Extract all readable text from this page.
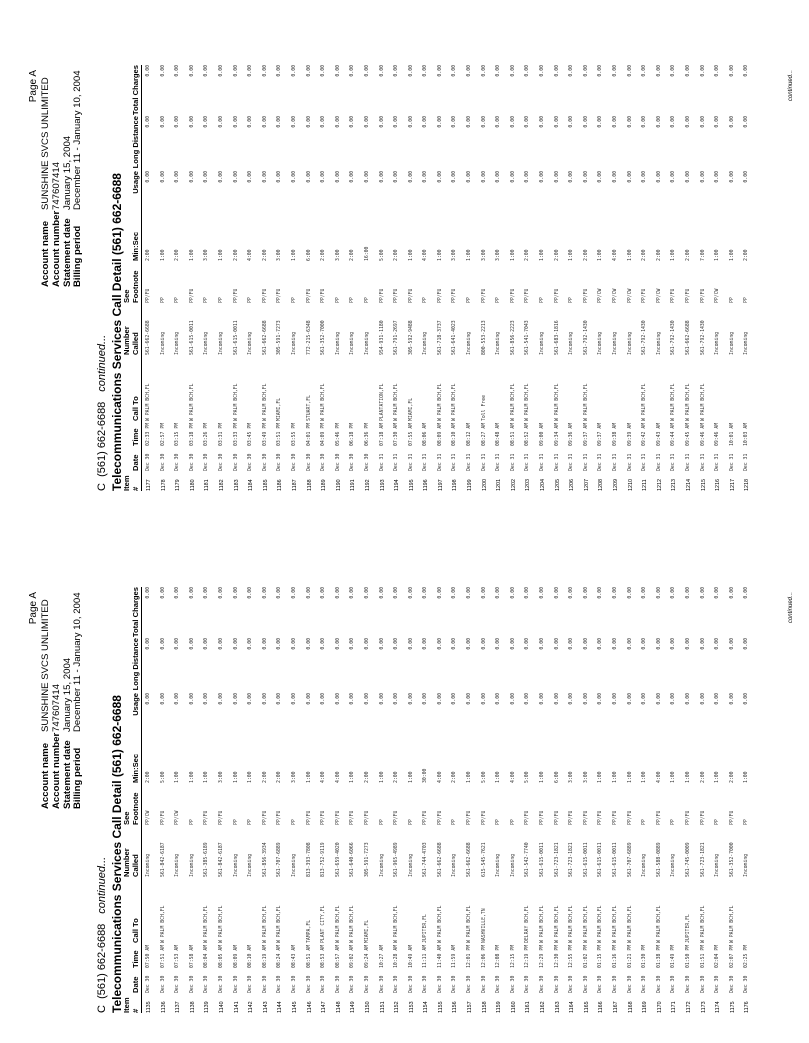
Page A
Account name
SUNSHINE SVCS UNLIMITED
Account number
747607414
Statement date
January 15, 2004
Billing period
December 11 - January 10, 2004
C  (561) 662-6688continued... Telecommunications Services Call Detail (561) 662-6688
Item #	Date	Time	Call To	Number Called	See Footnote	Min:Sec	Usage	Long Distance	Total Charges
1135	Dec 30	07:50 AM		Incoming	PP/CW	2:00	0.00	0.00	0.00
1136	Dec 30	07:51 AM	W PALM BCH,FL	561-842-6187	PP/FU	5:00	0.00	0.00	0.00
1137	Dec 30	07:53 AM		Incoming	PP/CW	1:00	0.00	0.00	0.00
1138	Dec 30	07:58 AM		Incoming	PP	1:00	0.00	0.00	0.00
1139	Dec 30	08:04 AM	W PALM BCH,FL	561-385-6189	PP/FU	1:00	0.00	0.00	0.00
1140	Dec 30	08:05 AM	W PALM BCH,FL	561-842-6187	PP/FU	3:00	0.00	0.00	0.00
1141	Dec 30	08:09 AM		Incoming	PP	1:00	0.00	0.00	0.00
1142	Dec 30	08:10 AM		Incoming	PP	1:00	0.00	0.00	0.00
1143	Dec 30	08:19 AM	W PALM BCH,FL	561-856-3934	PP/FU	2:00	0.00	0.00	0.00
1144	Dec 30	08:24 AM	W PALM BCH,FL	561-707-6889	PP/FU	2:00	0.00	0.00	0.00
1145	Dec 30	08:43 AM		Incoming	PP	3:00	0.00	0.00	0.00
1146	Dec 30	08:51 AM	TAMPA,FL	813-393-7808	PP/FU	1:00	0.00	0.00	0.00
1147	Dec 30	08:53 AM	PLANT CITY,FL	813-752-9119	PP/FU	4:00	0.00	0.00	0.00
1148	Dec 30	08:57 AM	W PALM BCH,FL	561-659-4020	PP/FU	4:00	0.00	0.00	0.00
1149	Dec 30	09:02 AM	W PALM BCH,FL	561-640-6066	PP/FU	1:00	0.00	0.00	0.00
1150	Dec 30	09:24 AM	MIAMI,FL	305-591-7273	PP/FU	2:00	0.00	0.00	0.00
1151	Dec 30	10:27 AM		Incoming	PP	1:00	0.00	0.00	0.00
1152	Dec 30	10:28 AM	W PALM BCH,FL	561-965-4989	PP/FU	2:00	0.00	0.00	0.00
1153	Dec 30	10:49 AM		Incoming	PP	1:00	0.00	0.00	0.00
1154	Dec 30	11:11 AM	JUPITER,FL	561-744-4703	PP/FU	30:00	0.00	0.00	0.00
1155	Dec 30	11:40 AM	W PALM BCH,FL	561-662-6688	PP/FU	4:00	0.00	0.00	0.00
1156	Dec 30	11:59 AM		Incoming	PP	2:00	0.00	0.00	0.00
1157	Dec 30	12:01 PM	W PALM BCH,FL	561-662-6688	PP/FU	1:00	0.00	0.00	0.00
1158	Dec 30	12:06 PM	NASHVILLE,TN	615-545-7621	PP/FU	5:00	0.00	0.00	0.00
1159	Dec 30	12:08 PM		Incoming	PP	1:00	0.00	0.00	0.00
1160	Dec 30	12:15 PM		Incoming	PP	4:00	0.00	0.00	0.00
1161	Dec 30	12:19 PM	DELRAY BCH,FL	561-542-7740	PP/FU	5:00	0.00	0.00	0.00
1162	Dec 30	12:29 PM	W PALM BCH,FL	561-615-0011	PP/FU	1:00	0.00	0.00	0.00
1163	Dec 30	12:30 PM	W PALM BCH,FL	561-723-1821	PP/FU	6:00	0.00	0.00	0.00
1164	Dec 30	12:55 PM	W PALM BCH,FL	561-723-1821	PP/FU	3:00	0.00	0.00	0.00
1165	Dec 30	01:02 PM	W PALM BCH,FL	561-615-0011	PP/FU	3:00	0.00	0.00	0.00
1166	Dec 30	01:15 PM	W PALM BCH,FL	561-615-0011	PP/FU	1:00	0.00	0.00	0.00
1167	Dec 30	01:16 PM	W PALM BCH,FL	561-615-0011	PP/FU	1:00	0.00	0.00	0.00
1168	Dec 30	01:21 PM	W PALM BCH,FL	561-707-6889	PP/FU	1:00	0.00	0.00	0.00
1169	Dec 30	01:30 PM		Incoming	PP	1:00	0.00	0.00	0.00
1170	Dec 30	01:38 PM	W PALM BCH,FL	561-588-0889	PP/FU	4:00	0.00	0.00	0.00
1171	Dec 30	01:49 PM		Incoming	PP	1:00	0.00	0.00	0.00
1172	Dec 30	01:50 PM	JUPITER,FL	561-745-0009	PP/FU	1:00	0.00	0.00	0.00
1173	Dec 30	01:51 PM	W PALM BCH,FL	561-723-1821	PP/FU	2:00	0.00	0.00	0.00
1174	Dec 30	02:04 PM		Incoming	PP	1:00	0.00	0.00	0.00
1175	Dec 30	02:07 PM	W PALM BCH,FL	561-352-7000	PP/FU	2:00	0.00	0.00	0.00
1176	Dec 30	02:25 PM		Incoming	PP	1:00	0.00	0.00	0.00	continued...
Page A
Account name
SUNSHINE SVCS UNLIMITED
Account number
747607414
Statement date
January 15, 2004
Billing period
December 11 - January 10, 2004
C  (561) 662-6688continued... Telecommunications Services Call Detail (561) 662-6688
Item #	Date	Time	Call To	Number Called	See Footnote	Min:Sec	Usage	Long Distance	Total Charges
1177	Dec 30	02:33 PM	W PALM BCH,FL	561-662-6688	PP/FU	2:00	0.00	0.00	0.00
1178	Dec 30	02:57 PM		Incoming	PP	1:00	0.00	0.00	0.00
1179	Dec 30	03:15 PM		Incoming	PP	2:00	0.00	0.00	0.00
1180	Dec 30	03:18 PM	W PALM BCH,FL	561-615-0011	PP/FU	1:00	0.00	0.00	0.00
1181	Dec 30	03:26 PM		Incoming	PP	3:00	0.00	0.00	0.00
1182	Dec 30	03:31 PM		Incoming	PP	1:00	0.00	0.00	0.00
1183	Dec 30	03:33 PM	W PALM BCH,FL	561-615-0011	PP/FU	2:00	0.00	0.00	0.00
1184	Dec 30	03:45 PM		Incoming	PP	4:00	0.00	0.00	0.00
1185	Dec 30	03:49 PM	W PALM BCH,FL	561-662-6688	PP/FU	2:00	0.00	0.00	0.00
1186	Dec 30	03:51 PM	MIAMI,FL	305-591-7273	PP/FU	3:00	0.00	0.00	0.00
1187	Dec 30	03:55 PM		Incoming	PP	1:00	0.00	0.00	0.00
1188	Dec 30	04:01 PM	STUART,FL	772-215-6348	PP/FU	6:00	0.00	0.00	0.00
1189	Dec 30	04:09 PM	W PALM BCH,FL	561-352-7000	PP/FU	2:00	0.00	0.00	0.00
1190	Dec 30	05:46 PM		Incoming	PP	3:00	0.00	0.00	0.00
1191	Dec 30	06:18 PM		Incoming	PP	2:00	0.00	0.00	0.00
1192	Dec 30	06:36 PM		Incoming	PP	16:00	0.00	0.00	0.00
1193	Dec 31	07:18 AM	PLANTATION,FL	954-931-1180	PP/FU	5:00	0.00	0.00	0.00
1194	Dec 31	07:30 AM	W PALM BCH,FL	561-791-2697	PP/FU	2:00	0.00	0.00	0.00
1195	Dec 31	07:55 AM	MIAMI,FL	305-592-9488	PP/FU	1:00	0.00	0.00	0.00
1196	Dec 31	08:06 AM		Incoming	PP	4:00	0.00	0.00	0.00
1197	Dec 31	08:09 AM	W PALM BCH,FL	561-718-3737	PP/FU	1:00	0.00	0.00	0.00
1198	Dec 31	08:10 AM	W PALM BCH,FL	561-641-4023	PP/FU	3:00	0.00	0.00	0.00
1199	Dec 31	08:12 AM		Incoming	PP	1:00	0.00	0.00	0.00
1200	Dec 31	08:27 AM	Toll Free	800-553-2213	PP/FU	3:00	0.00	0.00	0.00
1201	Dec 31	08:48 AM		Incoming	PP	3:00	0.00	0.00	0.00
1202	Dec 31	08:51 AM	W PALM BCH,FL	561-856-2223	PP/FU	1:00	0.00	0.00	0.00
1203	Dec 31	08:52 AM	W PALM BCH,FL	561-541-7043	PP/FU	2:00	0.00	0.00	0.00
1204	Dec 31	09:00 AM		Incoming	PP	1:00	0.00	0.00	0.00
1205	Dec 31	09:34 AM	W PALM BCH,FL	561-683-1816	PP/FU	2:00	0.00	0.00	0.00
1206	Dec 31	09:36 AM		Incoming	PP	1:00	0.00	0.00	0.00
1207	Dec 31	09:37 AM	W PALM BCH,FL	561-792-1430	PP/FU	2:00	0.00	0.00	0.00
1208	Dec 31	09:37 AM		Incoming	PP/CW	1:00	0.00	0.00	0.00
1209	Dec 31	09:38 AM		Incoming	PP/CW	4:00	0.00	0.00	0.00
1210	Dec 31	09:39 AM		Incoming	PP/CW	1:00	0.00	0.00	0.00
1211	Dec 31	09:42 AM	W PALM BCH,FL	561-792-1430	PP/FU	2:00	0.00	0.00	0.00
1212	Dec 31	09:43 AM		Incoming	PP/CW	2:00	0.00	0.00	0.00
1213	Dec 31	09:44 AM	W PALM BCH,FL	561-792-1430	PP/FU	1:00	0.00	0.00	0.00
1214	Dec 31	09:45 AM	W PALM BCH,FL	561-662-6688	PP/FU	2:00	0.00	0.00	0.00
1215	Dec 31	09:46 AM	W PALM BCH,FL	561-792-1430	PP/FU	7:00	0.00	0.00	0.00
1216	Dec 31	09:46 AM		Incoming	PP/CW	1:00	0.00	0.00	0.00
1217	Dec 31	10:01 AM		Incoming	PP	1:00	0.00	0.00	0.00
1218	Dec 31	10:03 AM		Incoming	PP	2:00	0.00	0.00	0.00	continued...
